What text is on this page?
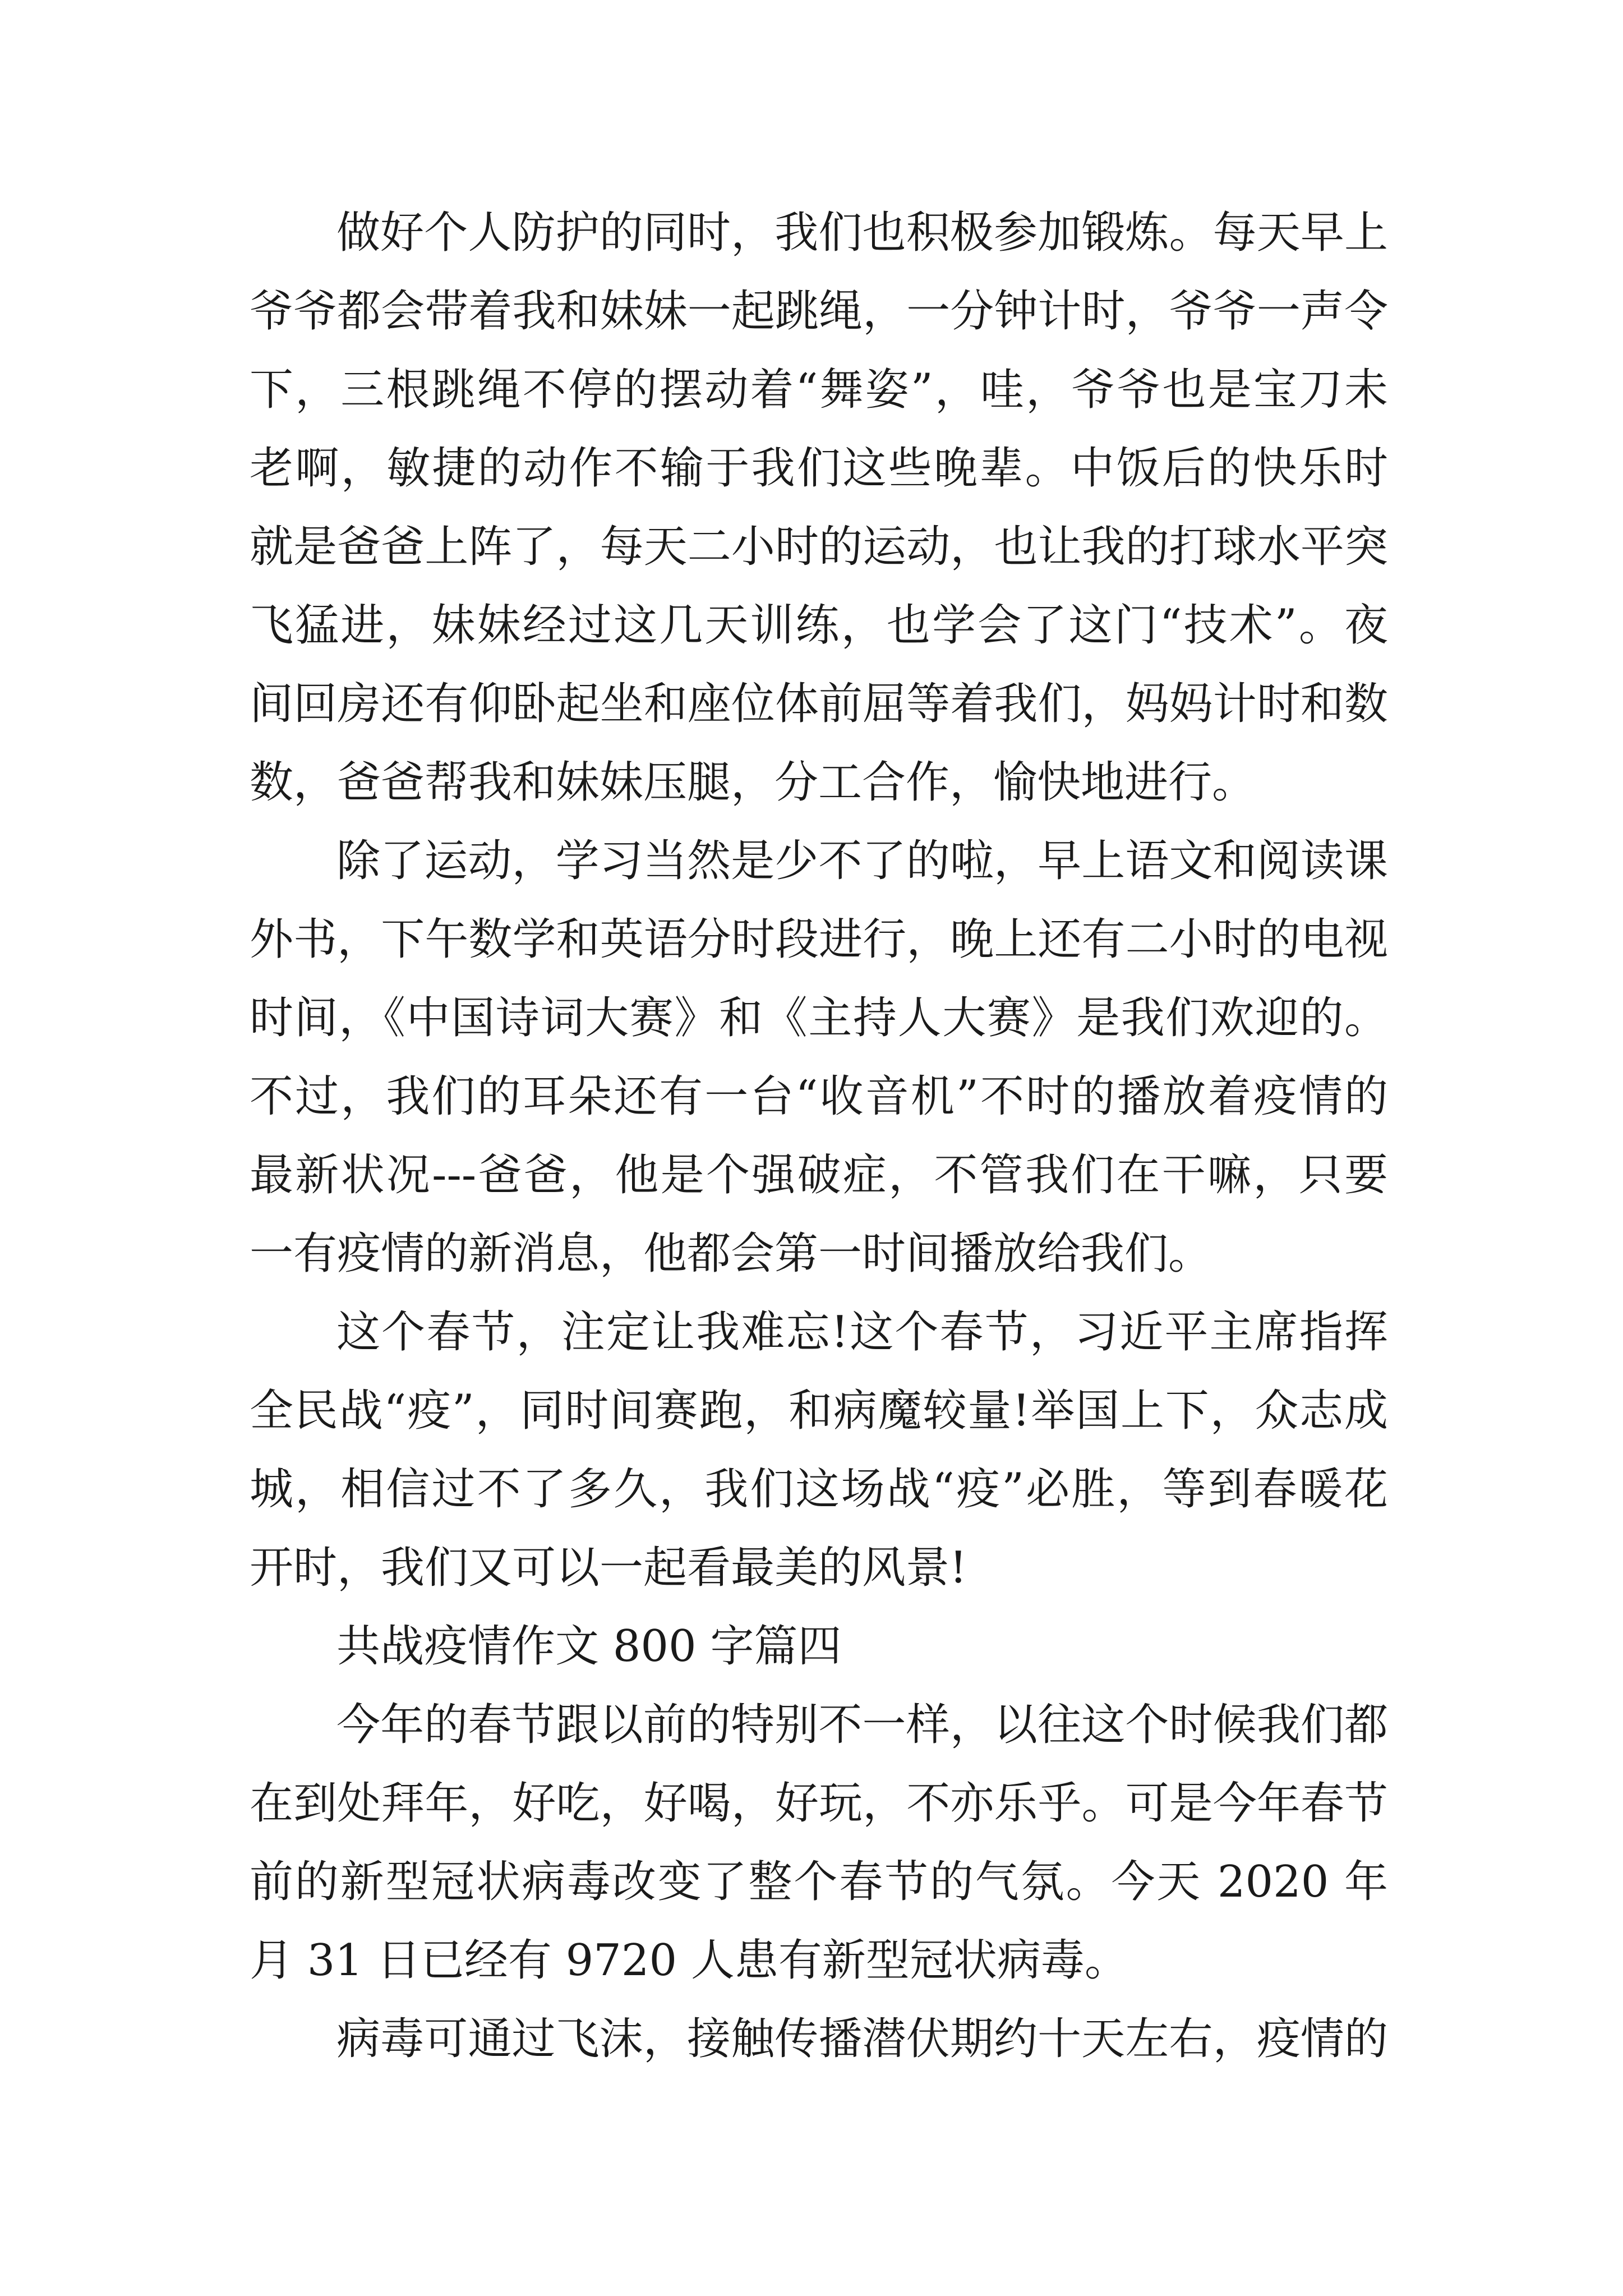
做好个人防护的同时，我们也积极参加锻炼。每天早上
爷爷都会带着我和妹妹一起跳绳，一分钟计时，爷爷一声令
下，三根跳绳不停的摆动着“舞姿”，哇，爷爷也是宝刀未
老啊，敏捷的动作不输于我们这些晚辈。中饭后的快乐时
就是爸爸上阵了，每天二小时的运动，也让我的打球水平突
飞猛进，妹妹经过这几天训练，也学会了这门“技术”。夜
间回房还有仰卧起坐和座位体前屈等着我们，妈妈计时和数
数，爸爸帮我和妹妹压腿，分工合作，愉快地进行。
除了运动，学习当然是少不了的啦，早上语文和阅读课
外书，下午数学和英语分时段进行，晚上还有二小时的电视
时间，《中国诗词大赛》和《主持人大赛》是我们欢迎的。
不过，我们的耳朵还有一台“收音机”不时的播放着疫情的
最新状况---爸爸，他是个强破症，不管我们在干嘛，只要
一有疫情的新消息，他都会第一时间播放给我们。
这个春节，注定让我难忘!这个春节，习近平主席指挥
全民战“疫”，同时间赛跑，和病魔较量!举国上下，众志成
城，相信过不了多久，我们这场战“疫”必胜，等到春暖花
开时，我们又可以一起看最美的风景!
共战疫情作文 800 字篇四
今年的春节跟以前的特别不一样，以往这个时候我们都
在到处拜年，好吃，好喝，好玩，不亦乐乎。可是今年春节
前的新型冠状病毒改变了整个春节的气氛。今天 2020 年
月 31 日已经有 9720 人患有新型冠状病毒。
病毒可通过飞沫，接触传播潜伏期约十天左右，疫情的
